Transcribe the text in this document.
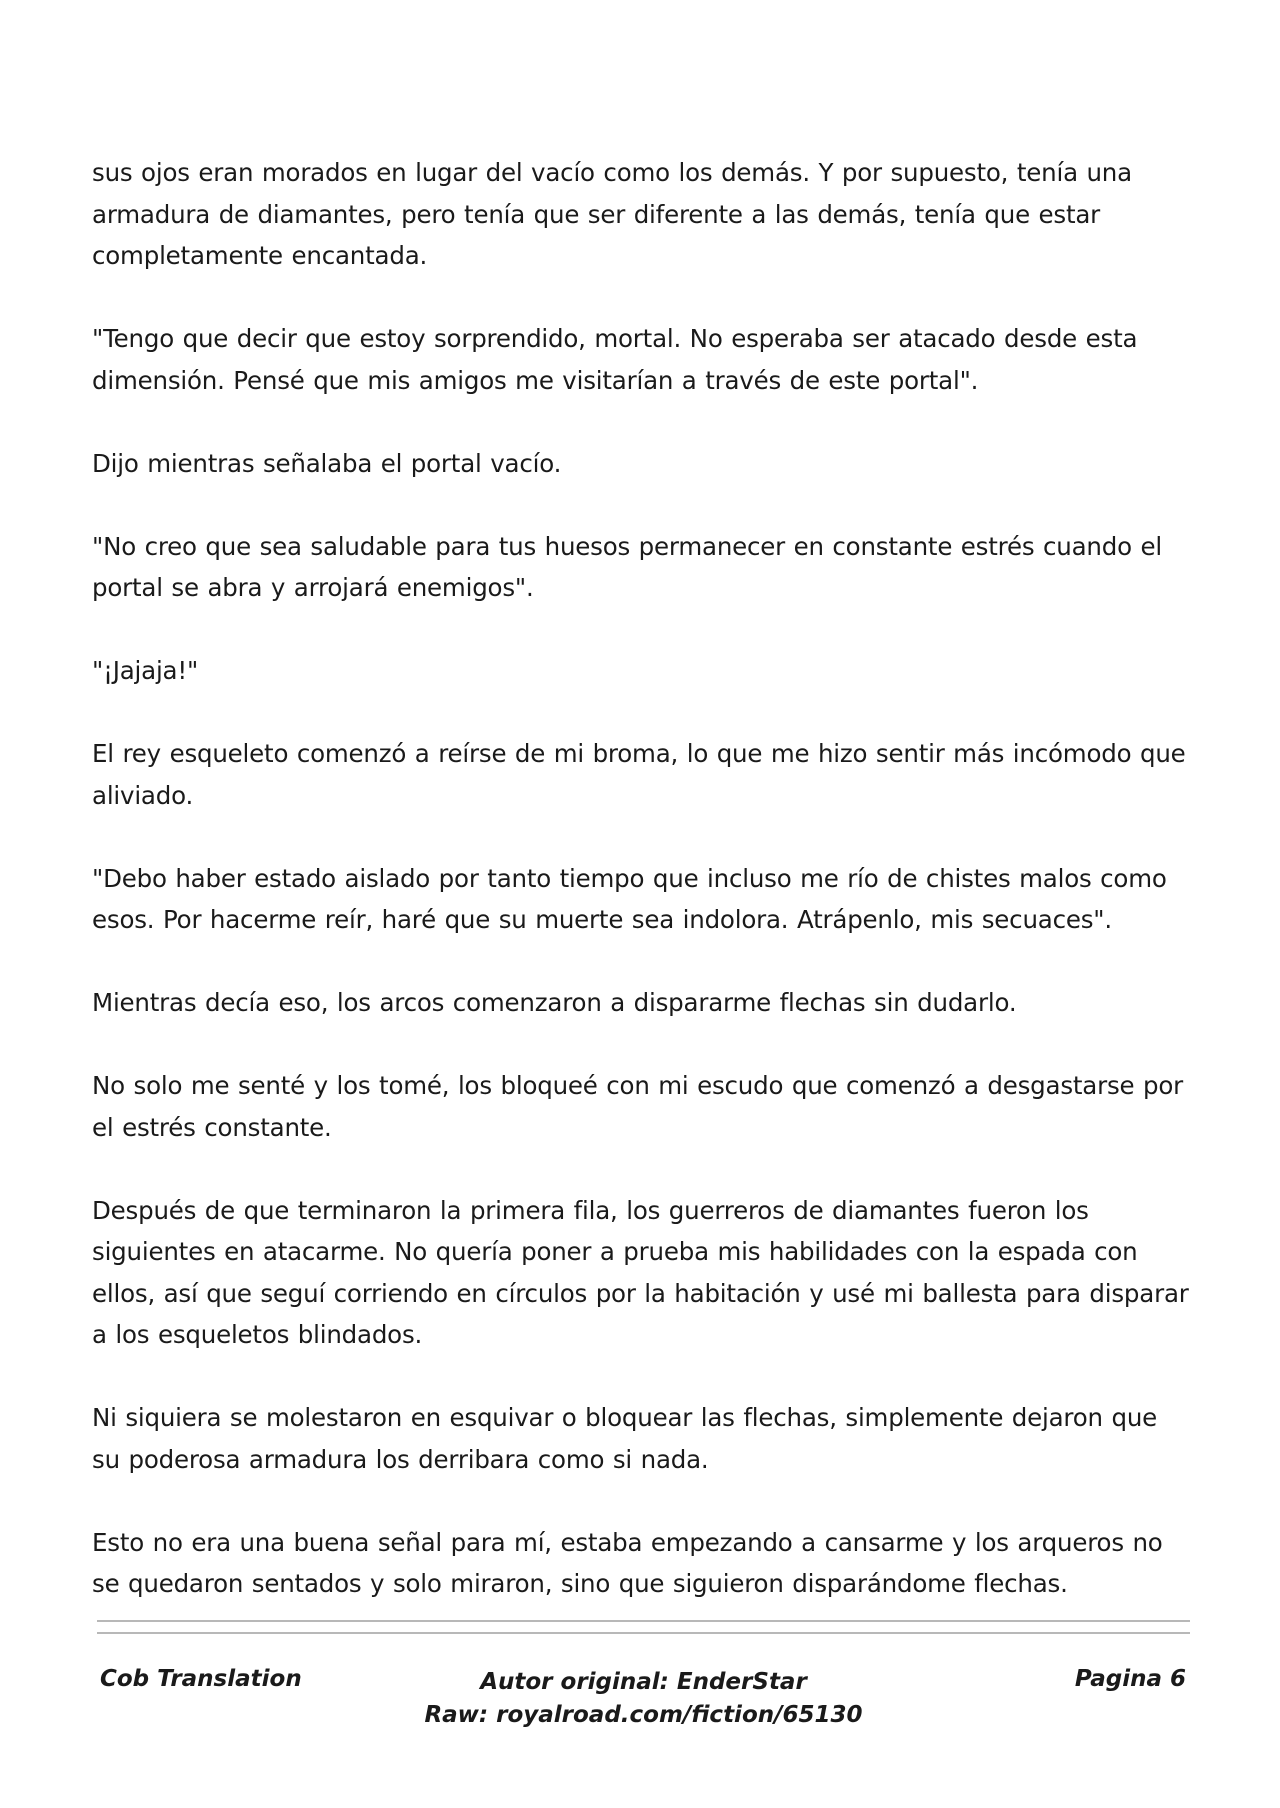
sus ojos eran morados en lugar del vacío como los demás. Y por supuesto, tenía una armadura de diamantes, pero tenía que ser diferente a las demás, tenía que estar completamente encantada.

"Tengo que decir que estoy sorprendido, mortal. No esperaba ser atacado desde esta dimensión. Pensé que mis amigos me visitarían a través de este portal".

Dijo mientras señalaba el portal vacío.

"No creo que sea saludable para tus huesos permanecer en constante estrés cuando el portal se abra y arrojará enemigos".

"¡Jajaja!"

El rey esqueleto comenzó a reírse de mi broma, lo que me hizo sentir más incómodo que aliviado.

"Debo haber estado aislado por tanto tiempo que incluso me río de chistes malos como esos. Por hacerme reír, haré que su muerte sea indolora. Atrápenlo, mis secuaces".

Mientras decía eso, los arcos comenzaron a dispararme flechas sin dudarlo.

No solo me senté y los tomé, los bloqueé con mi escudo que comenzó a desgastarse por el estrés constante.

Después de que terminaron la primera fila, los guerreros de diamantes fueron los siguientes en atacarme. No quería poner a prueba mis habilidades con la espada con ellos, así que seguí corriendo en círculos por la habitación y usé mi ballesta para disparar a los esqueletos blindados.

Ni siquiera se molestaron en esquivar o bloquear las flechas, simplemente dejaron que su poderosa armadura los derribara como si nada.

Esto no era una buena señal para mí, estaba empezando a cansarme y los arqueros no se quedaron sentados y solo miraron, sino que siguieron disparándome flechas.

Cob Translation	Autor original: EnderStar
Raw: royalroad.com/fiction/65130
Pagina 6
